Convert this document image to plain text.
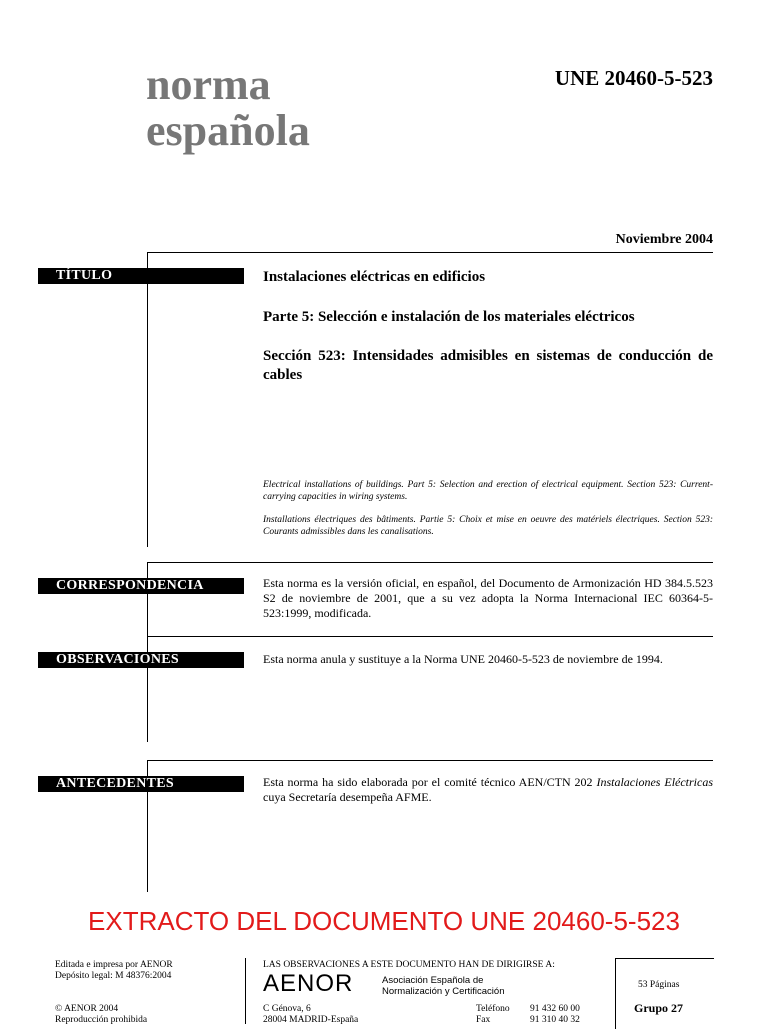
norma
española
UNE 20460-5-523
Noviembre 2004
TÍTULO	Instalaciones eléctricas en edificios
Parte 5: Selección e instalación de los materiales eléctricos
Sección 523: Intensidades admisibles en sistemas de conducción de cables
Electrical installations of buildings. Part 5: Selection and erection of electrical equipment. Section 523: Current-carrying capacities in wiring systems.
Installations électriques des bâtiments. Partie 5: Choix et mise en oeuvre des matériels électriques. Section 523: Courants admissibles dans les canalisations.
CORRESPONDENCIA	Esta norma es la versión oficial, en español, del Documento de Armonización HD 384.5.523 S2 de noviembre de 2001, que a su vez adopta la Norma Internacional IEC 60364-5-523:1999, modificada.
OBSERVACIONES	Esta norma anula y sustituye a la Norma UNE 20460-5-523 de noviembre de 1994.
ANTECEDENTES	Esta norma ha sido elaborada por el comité técnico AEN/CTN 202 Instalaciones Eléctricas cuya Secretaría desempeña AFME.
EXTRACTO DEL DOCUMENTO UNE 20460-5-523
Editada e impresa por AENOR
Depósito legal: M 48376:2004
© AENOR 2004
Reproducción prohibida
LAS OBSERVACIONES A ESTE DOCUMENTO HAN DE DIRIGIRSE A:
AENOR	Asociación Española de
Normalización y Certificación
C Génova, 6
28004 MADRID-España
Teléfono 91 432 60 00
Fax	91 310 40 32
53 Páginas
Grupo 27
